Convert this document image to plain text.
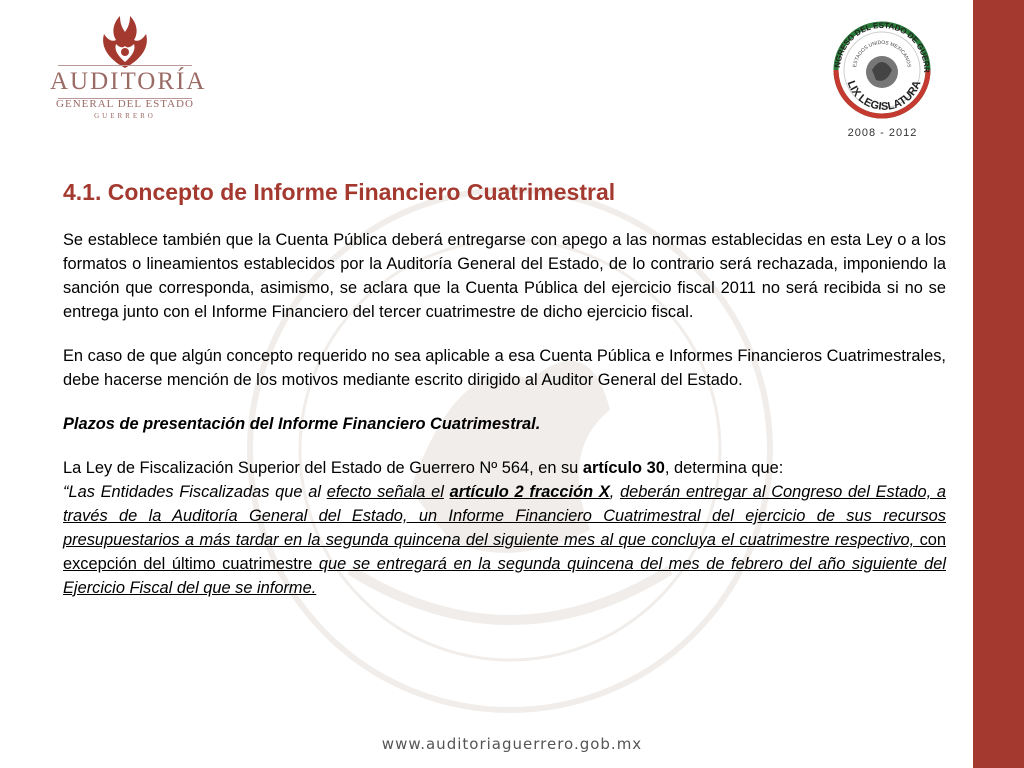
AUDITORÍA
GENERAL DEL ESTADO
GUERRERO
NGRESO DEL ESTADO DE GUERR
ESTADOS UNIDOS MEXICANOS
LIX LEGISLATURA
2008 - 2012
4.1. Concepto de Informe Financiero Cuatrimestral

Se establece también que la Cuenta Pública deberá entregarse con apego a las normas establecidas en esta Ley o a los formatos o lineamientos establecidos por la Auditoría General del Estado, de lo contrario será rechazada, imponiendo la sanción que corresponda, asimismo, se aclara que la Cuenta Pública del ejercicio fiscal 2011 no será recibida si no se entrega junto con el Informe Financiero del tercer cuatrimestre de dicho ejercicio fiscal.

En caso de que algún concepto requerido no sea aplicable a esa Cuenta Pública e Informes Financieros Cuatrimestrales, debe hacerse mención de los motivos mediante escrito dirigido al Auditor General del Estado.

Plazos de presentación del Informe Financiero Cuatrimestral.

La Ley de Fiscalización Superior del Estado de Guerrero Nº 564, en su artículo 30, determina que:
“Las Entidades Fiscalizadas que al efecto señala el artículo 2 fracción X, deberán entregar al Congreso del Estado, a través de la Auditoría General del Estado, un Informe Financiero Cuatrimestral del ejercicio de sus recursos presupuestarios a más tardar en la segunda quincena del siguiente mes al que concluya el cuatrimestre respectivo, con excepción del último cuatrimestre que se entregará en la segunda quincena del mes de febrero del año siguiente del Ejercicio Fiscal del que se informe.
www.auditoriaguerrero.gob.mx
